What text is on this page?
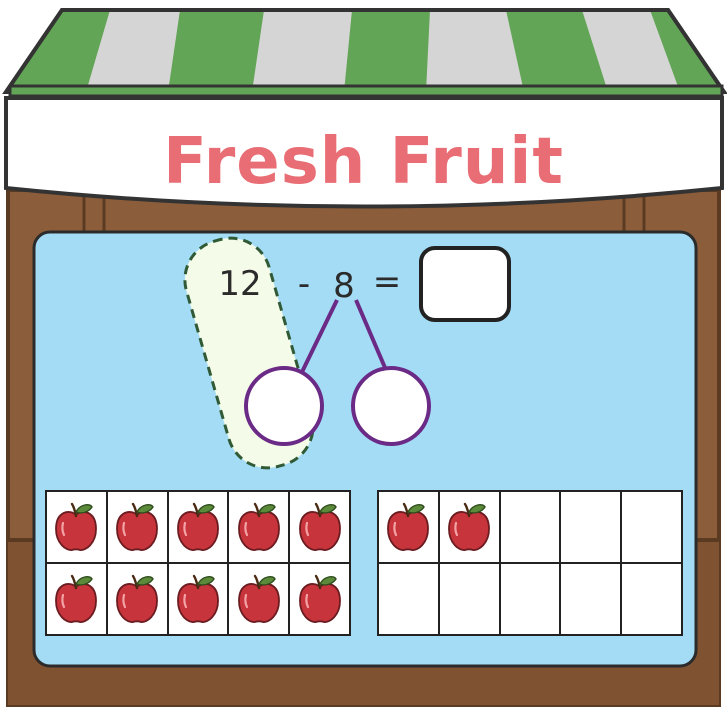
Fresh Fruit
12 - 8 =
